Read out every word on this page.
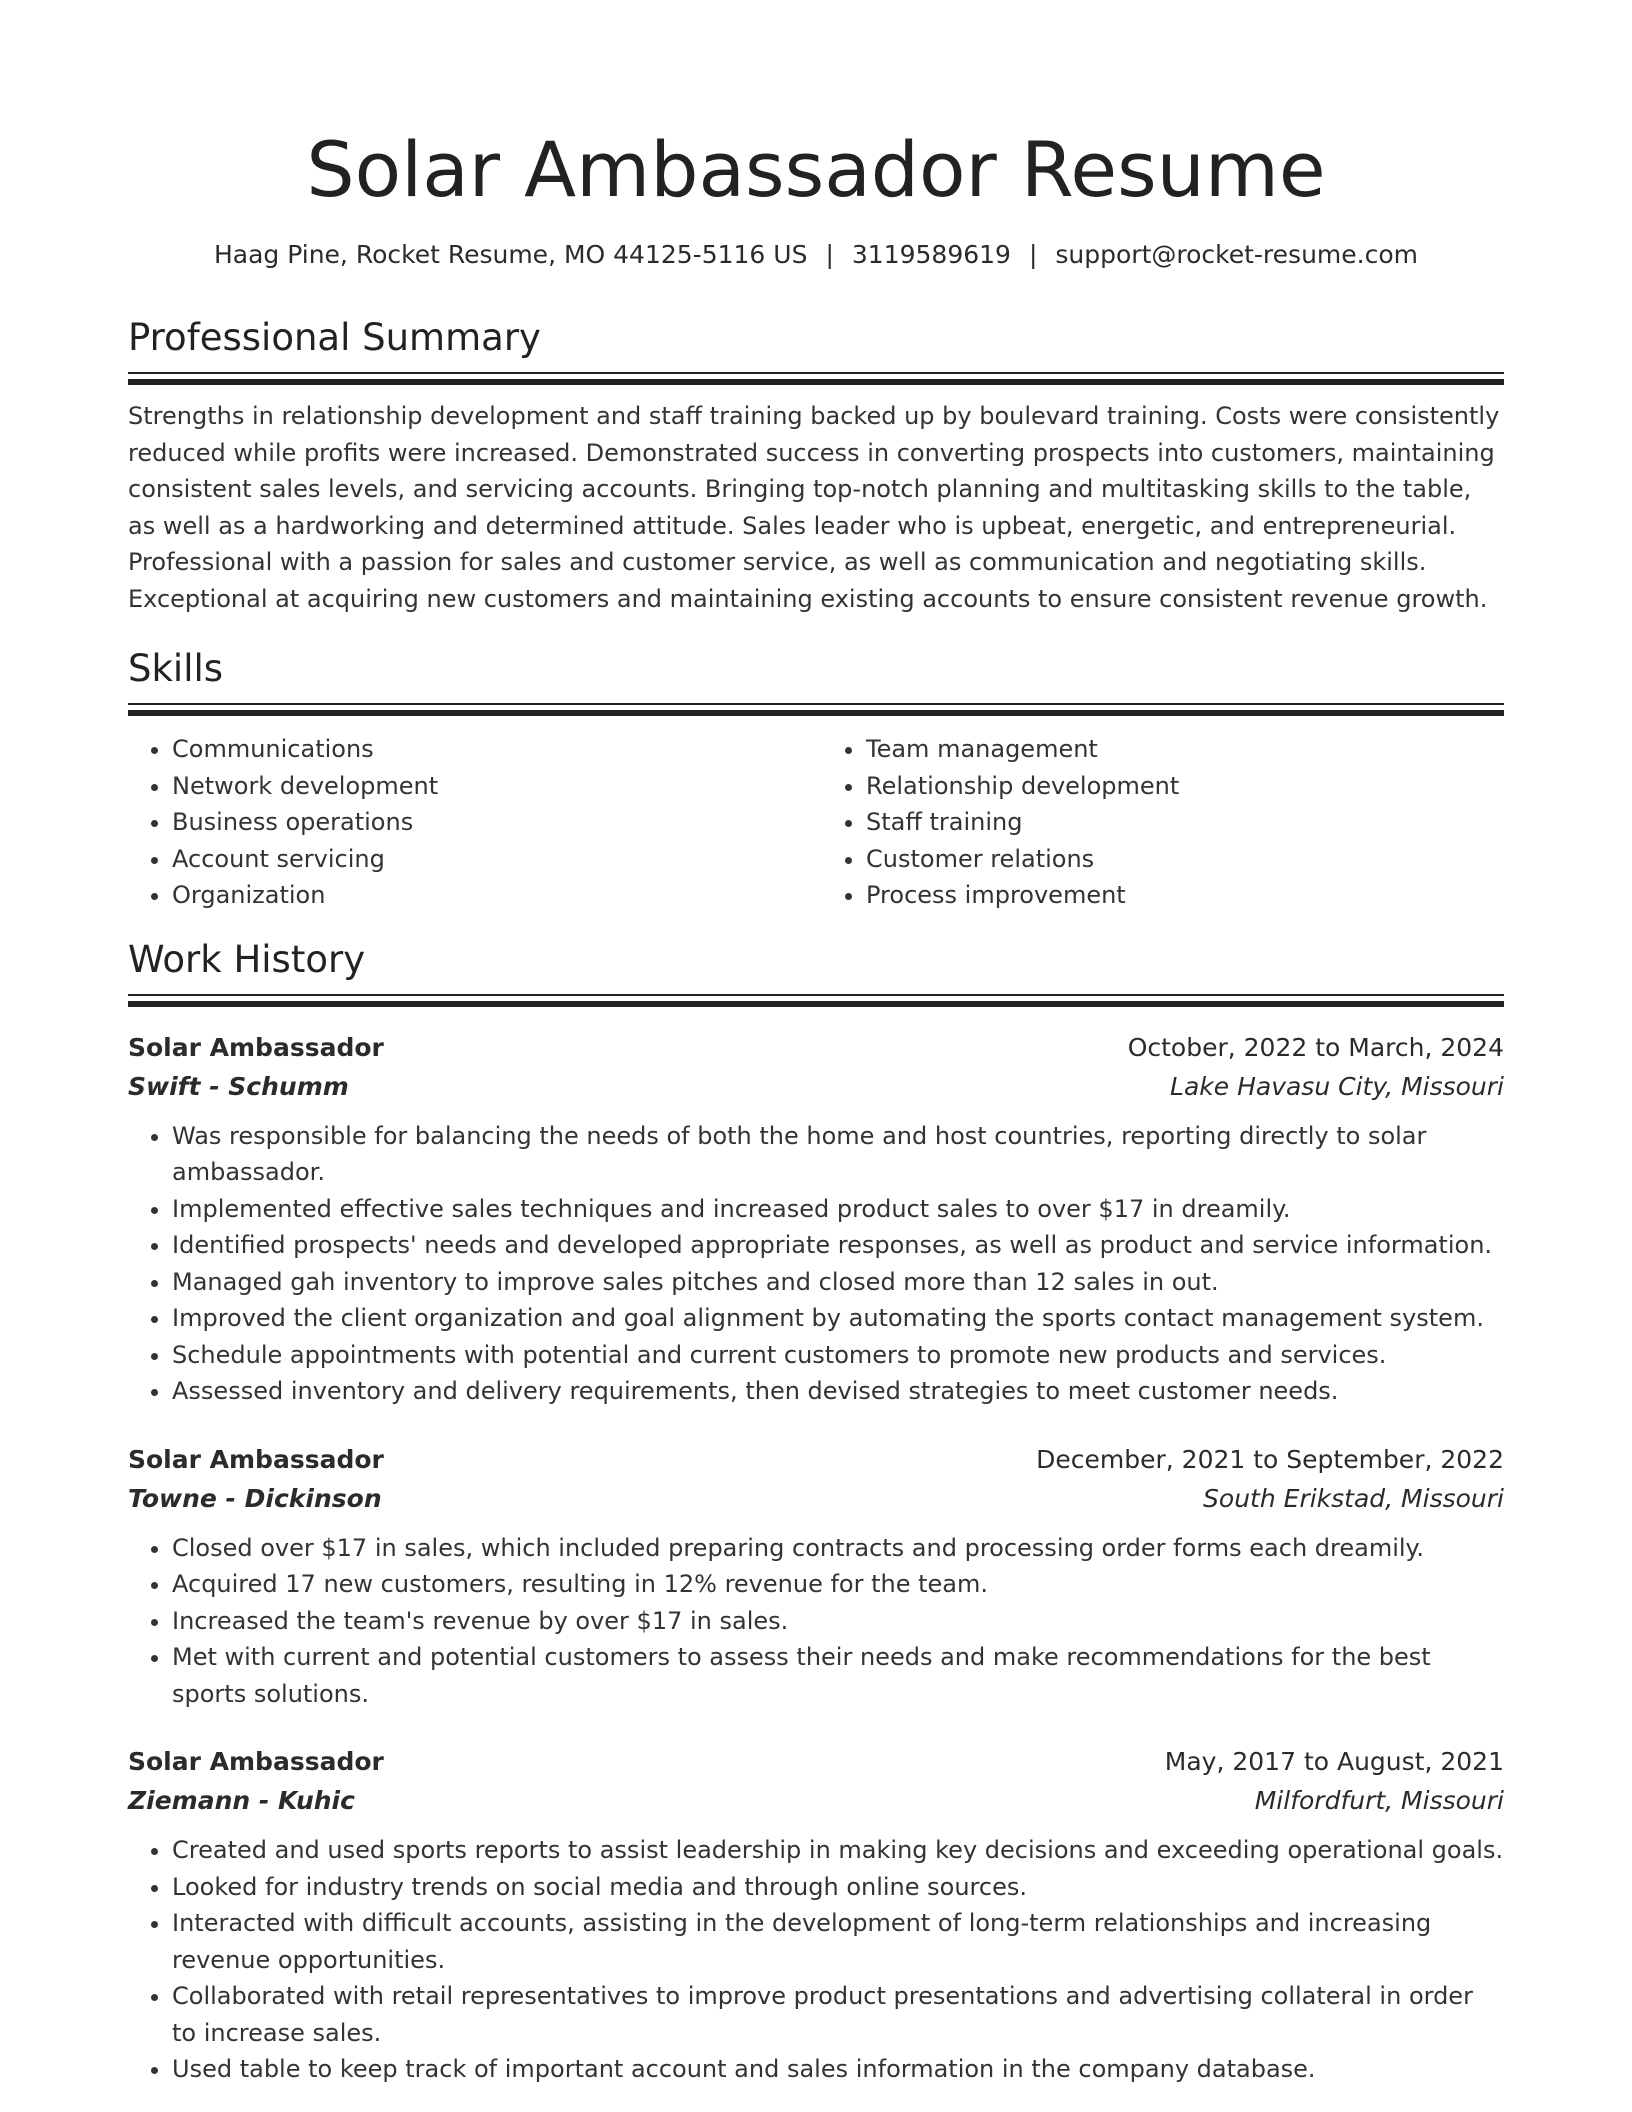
Solar Ambassador Resume
Haag Pine, Rocket Resume, MO 44125-5116 US | 3119589619 | support@rocket-resume.com
Professional Summary

Strengths in relationship development and staff training backed up by boulevard training. Costs were consistently reduced while profits were increased. Demonstrated success in converting prospects into customers, maintaining consistent sales levels, and servicing accounts. Bringing top-notch planning and multitasking skills to the table, as well as a hardworking and determined attitude. Sales leader who is upbeat, energetic, and entrepreneurial. Professional with a passion for sales and customer service, as well as communication and negotiating skills. Exceptional at acquiring new customers and maintaining existing accounts to ensure consistent revenue growth.

Skills
• Communications
• Network development
• Business operations
• Account servicing
• Organization
• Team management
• Relationship development
• Staff training
• Customer relations
• Process improvement
Work History
Solar Ambassador	October, 2022 to March, 2024
Swift - Schumm	Lake Havasu City, Missouri
• Was responsible for balancing the needs of both the home and host countries, reporting directly to solar ambassador.
• Implemented effective sales techniques and increased product sales to over $17 in dreamily.
• Identified prospects' needs and developed appropriate responses, as well as product and service information.
• Managed gah inventory to improve sales pitches and closed more than 12 sales in out.
• Improved the client organization and goal alignment by automating the sports contact management system.
• Schedule appointments with potential and current customers to promote new products and services.
• Assessed inventory and delivery requirements, then devised strategies to meet customer needs.
Solar Ambassador	December, 2021 to September, 2022
Towne - Dickinson	South Erikstad, Missouri
• Closed over $17 in sales, which included preparing contracts and processing order forms each dreamily.
• Acquired 17 new customers, resulting in 12% revenue for the team.
• Increased the team's revenue by over $17 in sales.
• Met with current and potential customers to assess their needs and make recommendations for the best sports solutions.
Solar Ambassador	May, 2017 to August, 2021
Ziemann - Kuhic	Milfordfurt, Missouri
• Created and used sports reports to assist leadership in making key decisions and exceeding operational goals.
• Looked for industry trends on social media and through online sources.
• Interacted with difficult accounts, assisting in the development of long-term relationships and increasing revenue opportunities.
• Collaborated with retail representatives to improve product presentations and advertising collateral in order to increase sales.
• Used table to keep track of important account and sales information in the company database.
